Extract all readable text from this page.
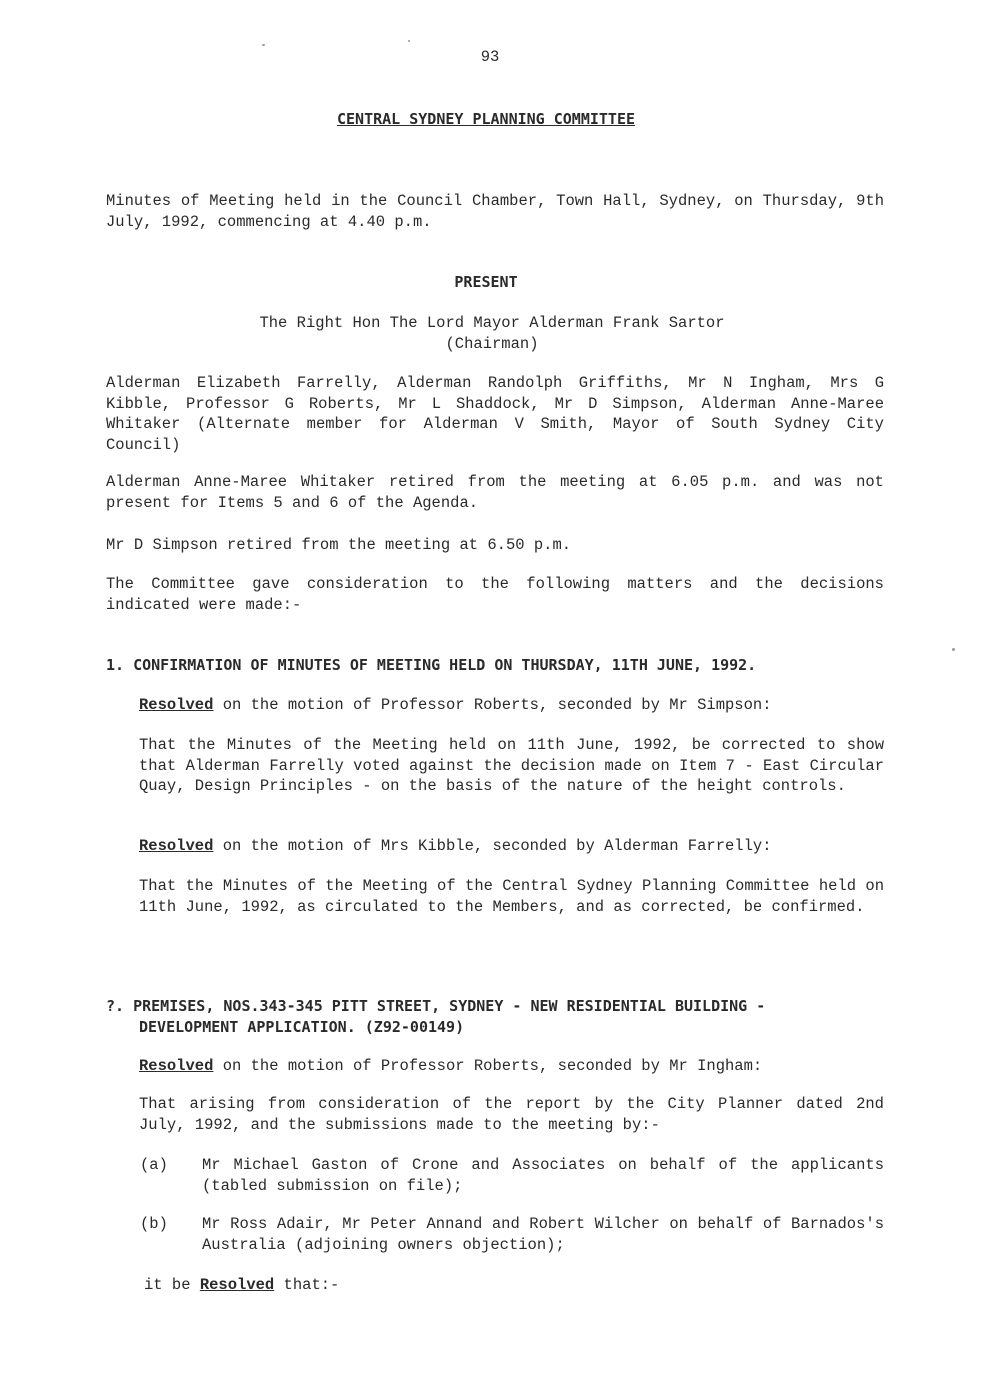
93
CENTRAL SYDNEY PLANNING COMMITTEE
Minutes of Meeting held in the Council Chamber, Town Hall, Sydney, on Thursday, 9th July, 1992, commencing at 4.40 p.m.
PRESENT
The Right Hon The Lord Mayor Alderman Frank Sartor
(Chairman)
Alderman Elizabeth Farrelly, Alderman Randolph Griffiths, Mr N Ingham, Mrs G Kibble, Professor G Roberts, Mr L Shaddock, Mr D Simpson, Alderman Anne-Maree Whitaker (Alternate member for Alderman V Smith, Mayor of South Sydney City Council)
Alderman Anne-Maree Whitaker retired from the meeting at 6.05 p.m. and was not present for Items 5 and 6 of the Agenda.
Mr D Simpson retired from the meeting at 6.50 p.m.
The Committee gave consideration to the following matters and the decisions indicated were made:-
1. CONFIRMATION OF MINUTES OF MEETING HELD ON THURSDAY, 11TH JUNE, 1992.
Resolved on the motion of Professor Roberts, seconded by Mr Simpson:
That the Minutes of the Meeting held on 11th June, 1992, be corrected to show that Alderman Farrelly voted against the decision made on Item 7 - East Circular Quay, Design Principles - on the basis of the nature of the height controls.
Resolved on the motion of Mrs Kibble, seconded by Alderman Farrelly:
That the Minutes of the Meeting of the Central Sydney Planning Committee held on 11th June, 1992, as circulated to the Members, and as corrected, be confirmed.
?. PREMISES, NOS.343-345 PITT STREET, SYDNEY - NEW RESIDENTIAL BUILDING -
DEVELOPMENT APPLICATION. (Z92-00149)
Resolved on the motion of Professor Roberts, seconded by Mr Ingham:
That arising from consideration of the report by the City Planner dated 2nd July, 1992, and the submissions made to the meeting by:-
(a)	Mr Michael Gaston of Crone and Associates on behalf of the applicants (tabled submission on file);
(b)	Mr Ross Adair, Mr Peter Annand and Robert Wilcher on behalf of Barnados's Australia (adjoining owners objection);
it be Resolved that:-
